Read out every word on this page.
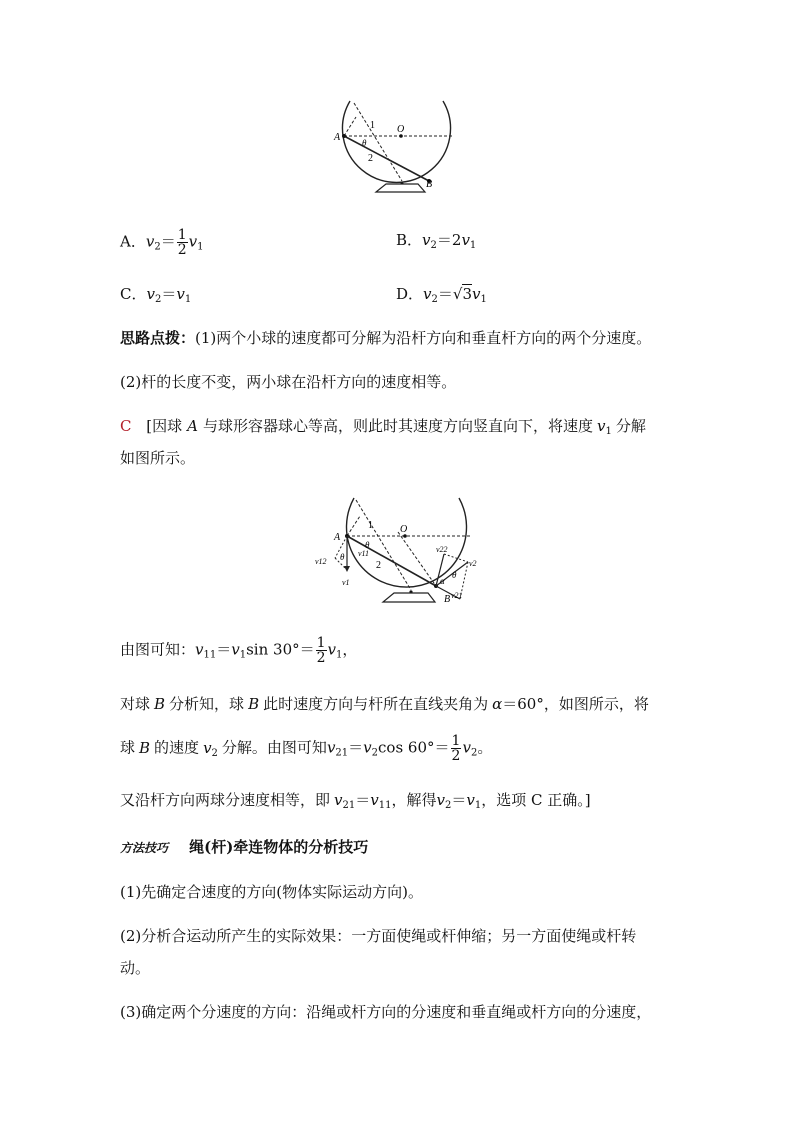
1 O
A θ
2
B
A．$v_2= \frac{1}{2} v_1$	B．$v_2=2v_1$
C．$v_2=v_1$	D．$v_2=√3v_1$
思路点拨：(1)两个小球的速度都可分解为沿杆方向和垂直杆方向的两个分速度。
(2)杆的长度不变，两小球在沿杆方向的速度相等。
C [因球 A 与球形容器球心等高，则此时其速度方向竖直向下，将速度 $v_1$ 分解
如图所示。
1	O
A
θ
v11
2
v12
v1
θ
v22
v2
α
θ
v21
B
由图可知：$v_{11}=v_1\sin$ $30^\circ= \frac{1}{2} v_1$，
对球 B 分析知，球 B 此时速度方向与杆所在直线夹角为 α＝60°，如图所示，将
球 B 的速度 $v_2$ 分解。由图可知$v_{21}=v_2\cos$ $60^\circ= \frac{1}{2} v_2$。
又沿杆方向两球分速度相等，即 $v_{21}=v_{11}$，解得$v_2=v_1$，选项 C 正确。]
方法技巧 绳(杆)牵连物体的分析技巧
(1)先确定合速度的方向(物体实际运动方向)。
(2)分析合运动所产生的实际效果：一方面使绳或杆伸缩；另一方面使绳或杆转
动。
(3)确定两个分速度的方向：沿绳或杆方向的分速度和垂直绳或杆方向的分速度，
